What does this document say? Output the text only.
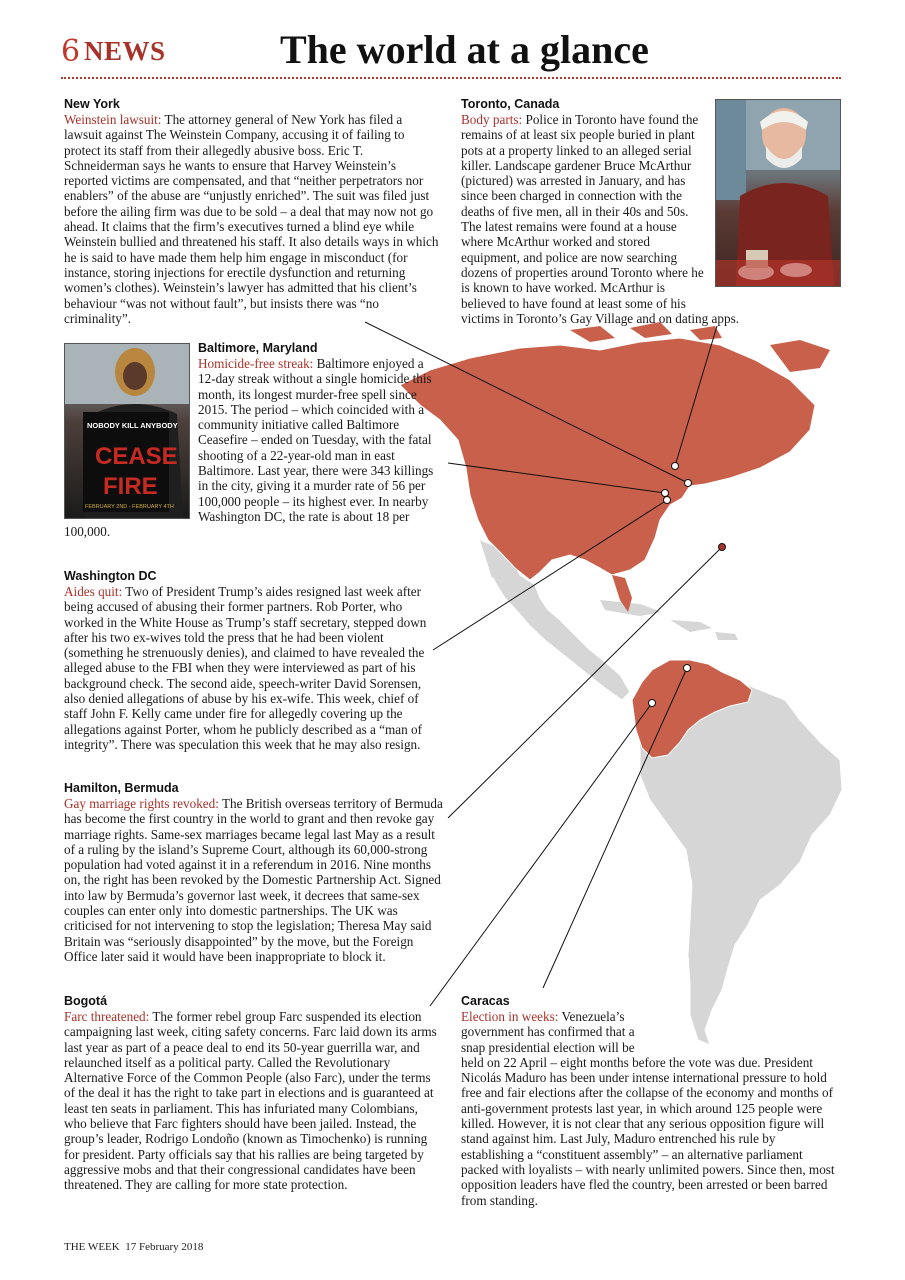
6 NEWS	The world at a glance
New York

Weinstein lawsuit: The attorney general of New York has filed a lawsuit against The Weinstein Company, accusing it of failing to protect its staff from their allegedly abusive boss. Eric T. Schneiderman says he wants to ensure that Harvey Weinstein’s reported victims are compensated, and that “neither perpetrators nor enablers” of the abuse are “unjustly enriched”. The suit was filed just before the ailing firm was due to be sold – a deal that may now not go ahead. It claims that the firm’s executives turned a blind eye while Weinstein bullied and threatened his staff. It also details ways in which he is said to have made them help him engage in misconduct (for instance, storing injections for erectile dysfunction and returning women’s clothes). Weinstein’s lawyer has admitted that his client’s behaviour “was not without fault”, but insists there was “no criminality”.

Toronto, Canada

Body parts: Police in Toronto have found the remains of at least six people buried in plant pots at a property linked to an alleged serial killer. Landscape gardener Bruce McArthur (pictured) was arrested in January, and has since been charged in connection with the deaths of five men, all in their 40s and 50s. The latest remains were found at a house where McArthur worked and stored equipment, and police are now searching dozens of properties around Toronto where he is known to have worked. McArthur is believed to have found at least some of his victims in Toronto’s Gay Village and on dating apps.

NOBODY KILL ANYBODY
CEASE
FIRE
FEBRUARY 2ND - FEBRUARY 4TH
Baltimore, Maryland

Homicide-free streak: Baltimore enjoyed a 12-day streak without a single homicide this month, its longest murder-free spell since 2015. The period – which coincided with a community initiative called Baltimore Ceasefire – ended on Tuesday, with the fatal shooting of a 22-year-old man in east Baltimore. Last year, there were 343 killings in the city, giving it a murder rate of 56 per 100,000 people – its highest ever. In nearby Washington DC, the rate is about 18 per 100,000.

Washington DC

Aides quit: Two of President Trump’s aides resigned last week after being accused of abusing their former partners. Rob Porter, who worked in the White House as Trump’s staff secretary, stepped down after his two ex-wives told the press that he had been violent (something he strenuously denies), and claimed to have revealed the alleged abuse to the FBI when they were interviewed as part of his background check. The second aide, speech-writer David Sorensen, also denied allegations of abuse by his ex-wife. This week, chief of staff John F. Kelly came under fire for allegedly covering up the allegations against Porter, whom he publicly described as a “man of integrity”. There was speculation this week that he may also resign.

Hamilton, Bermuda

Gay marriage rights revoked: The British overseas territory of Bermuda has become the first country in the world to grant and then revoke gay marriage rights. Same-sex marriages became legal last May as a result of a ruling by the island’s Supreme Court, although its 60,000-strong population had voted against it in a referendum in 2016. Nine months on, the right has been revoked by the Domestic Partnership Act. Signed into law by Bermuda’s governor last week, it decrees that same-sex couples can enter only into domestic partnerships. The UK was criticised for not intervening to stop the legislation; Theresa May said Britain was “seriously disappointed” by the move, but the Foreign Office later said it would have been inappropriate to block it.

Bogotá

Farc threatened: The former rebel group Farc suspended its election campaigning last week, citing safety concerns. Farc laid down its arms last year as part of a peace deal to end its 50-year guerrilla war, and relaunched itself as a political party. Called the Revolutionary Alternative Force of the Common People (also Farc), under the terms of the deal it has the right to take part in elections and is guaranteed at least ten seats in parliament. This has infuriated many Colombians, who believe that Farc fighters should have been jailed. Instead, the group’s leader, Rodrigo Londoño (known as Timochenko) is running for president. Party officials say that his rallies are being targeted by aggressive mobs and that their congressional candidates have been threatened. They are calling for more state protection.

Caracas

Election in weeks: Venezuela’s government has confirmed that a snap presidential election will be held on 22 April – eight months before the vote was due. President Nicolás Maduro has been under intense international pressure to hold free and fair elections after the collapse of the economy and months of anti-government protests last year, in which around 125 people were killed. However, it is not clear that any serious opposition figure will stand against him. Last July, Maduro entrenched his rule by establishing a “constituent assembly” – an alternative parliament packed with loyalists – with nearly unlimited powers. Since then, most opposition leaders have fled the country, been arrested or been barred from standing.

THE WEEK 17 February 2018
